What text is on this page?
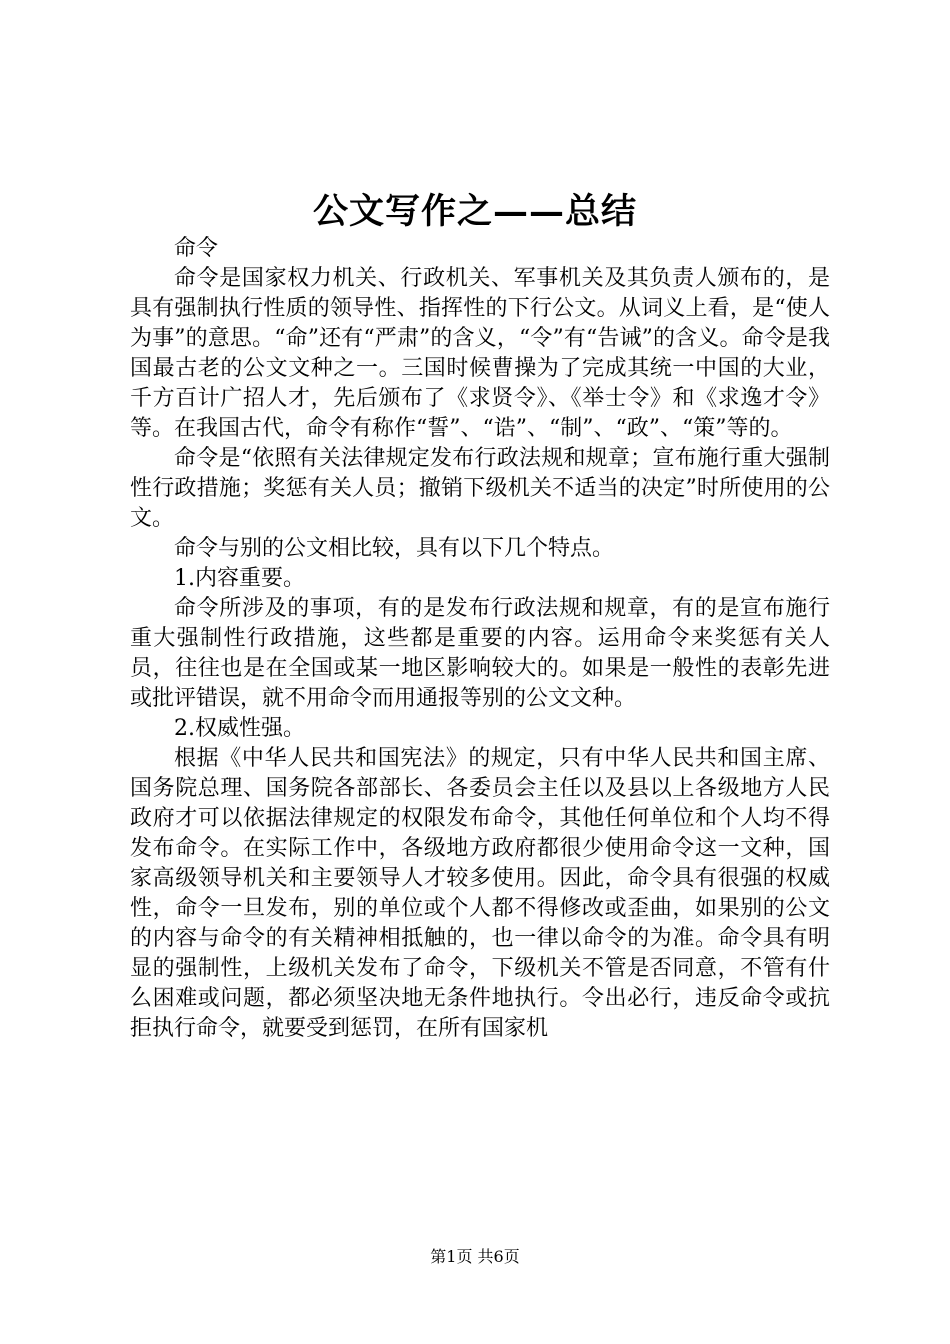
公文写作之——总结

命令

命令是国家权力机关、行政机关、军事机关及其负责人颁布的，是具有强制执行性质的领导性、指挥性的下行公文。从词义上看，是“使人为事”的意思。“命”还有“严肃”的含义，“令”有“告诫”的含义。命令是我国最古老的公文文种之一。三国时候曹操为了完成其统一中国的大业，千方百计广招人才，先后颁布了《求贤令》、《举士令》和《求逸才令》等。在我国古代，命令有称作“誓”、“诰”、“制”、“政”、“策”等的。

命令是“依照有关法律规定发布行政法规和规章；宣布施行重大强制性行政措施；奖惩有关人员；撤销下级机关不适当的决定”时所使用的公文。

命令与别的公文相比较，具有以下几个特点。

1.内容重要。

命令所涉及的事项，有的是发布行政法规和规章，有的是宣布施行重大强制性行政措施，这些都是重要的内容。运用命令来奖惩有关人员，往往也是在全国或某一地区影响较大的。如果是一般性的表彰先进或批评错误，就不用命令而用通报等别的公文文种。

2.权威性强。

根据《中华人民共和国宪法》的规定，只有中华人民共和国主席、国务院总理、国务院各部部长、各委员会主任以及县以上各级地方人民政府才可以依据法律规定的权限发布命令，其他任何单位和个人均不得发布命令。在实际工作中，各级地方政府都很少使用命令这一文种，国家高级领导机关和主要领导人才较多使用。因此，命令具有很强的权威性，命令一旦发布，别的单位或个人都不得修改或歪曲，如果别的公文的内容与命令的有关精神相抵触的，也一律以命令的为准。命令具有明显的强制性，上级机关发布了命令，下级机关不管是否同意，不管有什么困难或问题，都必须坚决地无条件地执行。令出必行，违反命令或抗拒执行命令，就要受到惩罚，在所有国家机

第1页 共6页
